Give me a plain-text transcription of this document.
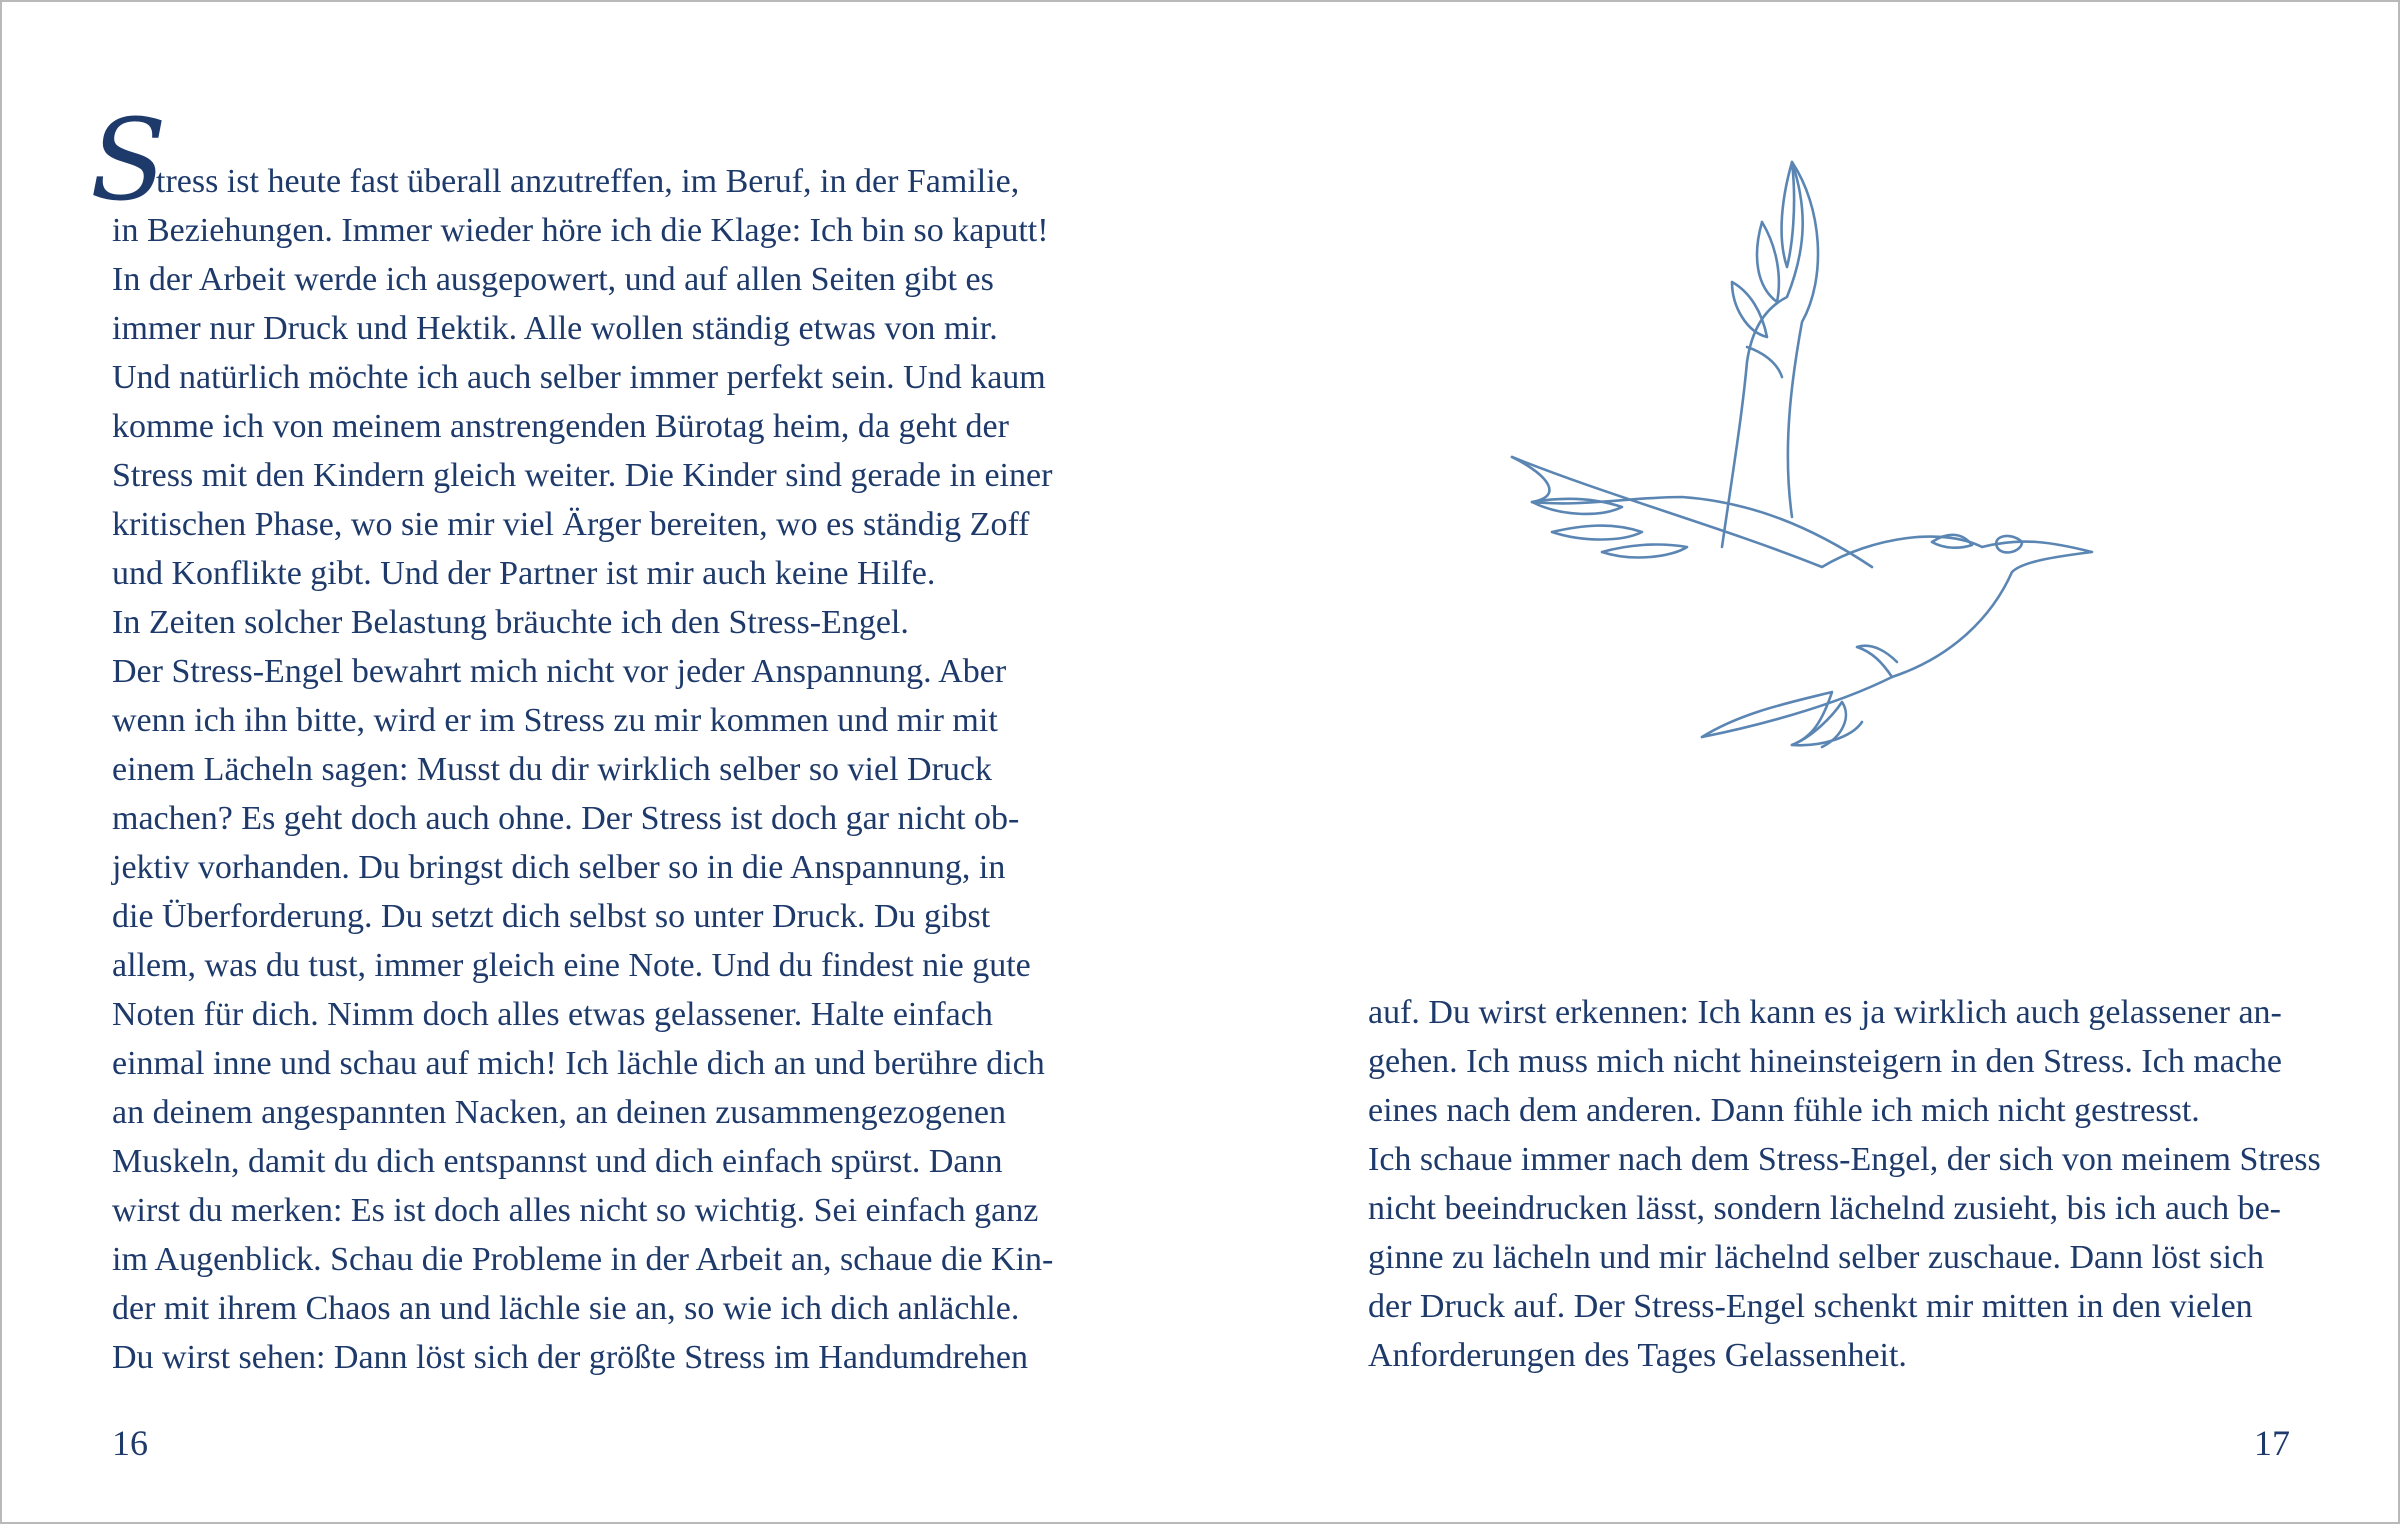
S
tress ist heute fast überall anzutreffen, im Beruf, in der Familie,
in Beziehungen. Immer wieder höre ich die Klage: Ich bin so kaputt!
In der Arbeit werde ich ausgepowert, und auf allen Seiten gibt es
immer nur Druck und Hektik. Alle wollen ständig etwas von mir.
Und natürlich möchte ich auch selber immer perfekt sein. Und kaum
komme ich von meinem anstrengenden Bürotag heim, da geht der
Stress mit den Kindern gleich weiter. Die Kinder sind gerade in einer
kritischen Phase, wo sie mir viel Ärger bereiten, wo es ständig Zoff
und Konflikte gibt. Und der Partner ist mir auch keine Hilfe.
In Zeiten solcher Belastung bräuchte ich den Stress-Engel.
Der Stress-Engel bewahrt mich nicht vor jeder Anspannung. Aber
wenn ich ihn bitte, wird er im Stress zu mir kommen und mir mit
einem Lächeln sagen: Musst du dir wirklich selber so viel Druck
machen? Es geht doch auch ohne. Der Stress ist doch gar nicht ob-
jektiv vorhanden. Du bringst dich selber so in die Anspannung, in
die Überforderung. Du setzt dich selbst so unter Druck. Du gibst
allem, was du tust, immer gleich eine Note. Und du findest nie gute
Noten für dich. Nimm doch alles etwas gelassener. Halte einfach
einmal inne und schau auf mich! Ich lächle dich an und berühre dich
an deinem angespannten Nacken, an deinen zusammengezogenen
Muskeln, damit du dich entspannst und dich einfach spürst. Dann
wirst du merken: Es ist doch alles nicht so wichtig. Sei einfach ganz
im Augenblick. Schau die Probleme in der Arbeit an, schaue die Kin-
der mit ihrem Chaos an und lächle sie an, so wie ich dich anlächle.
Du wirst sehen: Dann löst sich der größte Stress im Handumdrehen
16
auf. Du wirst erkennen: Ich kann es ja wirklich auch gelassener an-
gehen. Ich muss mich nicht hineinsteigern in den Stress. Ich mache
eines nach dem anderen. Dann fühle ich mich nicht gestresst.
Ich schaue immer nach dem Stress-Engel, der sich von meinem Stress
nicht beeindrucken lässt, sondern lächelnd zusieht, bis ich auch be-
ginne zu lächeln und mir lächelnd selber zuschaue. Dann löst sich
der Druck auf. Der Stress-Engel schenkt mir mitten in den vielen
Anforderungen des Tages Gelassenheit.
17
